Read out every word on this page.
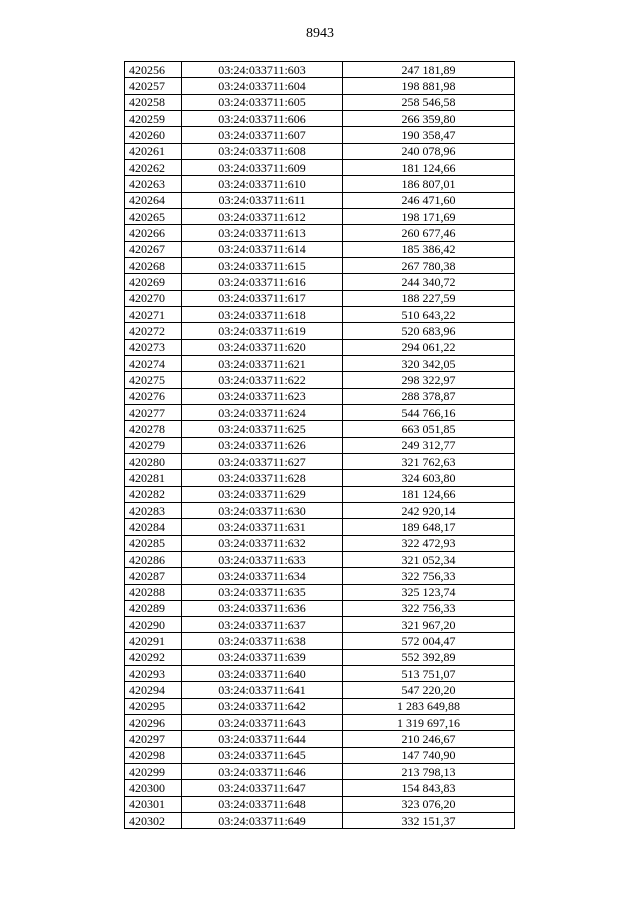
8943
420256	03:24:033711:603	247 181,89
420257	03:24:033711:604	198 881,98
420258	03:24:033711:605	258 546,58
420259	03:24:033711:606	266 359,80
420260	03:24:033711:607	190 358,47
420261	03:24:033711:608	240 078,96
420262	03:24:033711:609	181 124,66
420263	03:24:033711:610	186 807,01
420264	03:24:033711:611	246 471,60
420265	03:24:033711:612	198 171,69
420266	03:24:033711:613	260 677,46
420267	03:24:033711:614	185 386,42
420268	03:24:033711:615	267 780,38
420269	03:24:033711:616	244 340,72
420270	03:24:033711:617	188 227,59
420271	03:24:033711:618	510 643,22
420272	03:24:033711:619	520 683,96
420273	03:24:033711:620	294 061,22
420274	03:24:033711:621	320 342,05
420275	03:24:033711:622	298 322,97
420276	03:24:033711:623	288 378,87
420277	03:24:033711:624	544 766,16
420278	03:24:033711:625	663 051,85
420279	03:24:033711:626	249 312,77
420280	03:24:033711:627	321 762,63
420281	03:24:033711:628	324 603,80
420282	03:24:033711:629	181 124,66
420283	03:24:033711:630	242 920,14
420284	03:24:033711:631	189 648,17
420285	03:24:033711:632	322 472,93
420286	03:24:033711:633	321 052,34
420287	03:24:033711:634	322 756,33
420288	03:24:033711:635	325 123,74
420289	03:24:033711:636	322 756,33
420290	03:24:033711:637	321 967,20
420291	03:24:033711:638	572 004,47
420292	03:24:033711:639	552 392,89
420293	03:24:033711:640	513 751,07
420294	03:24:033711:641	547 220,20
420295	03:24:033711:642	1 283 649,88
420296	03:24:033711:643	1 319 697,16
420297	03:24:033711:644	210 246,67
420298	03:24:033711:645	147 740,90
420299	03:24:033711:646	213 798,13
420300	03:24:033711:647	154 843,83
420301	03:24:033711:648	323 076,20
420302	03:24:033711:649	332 151,37
